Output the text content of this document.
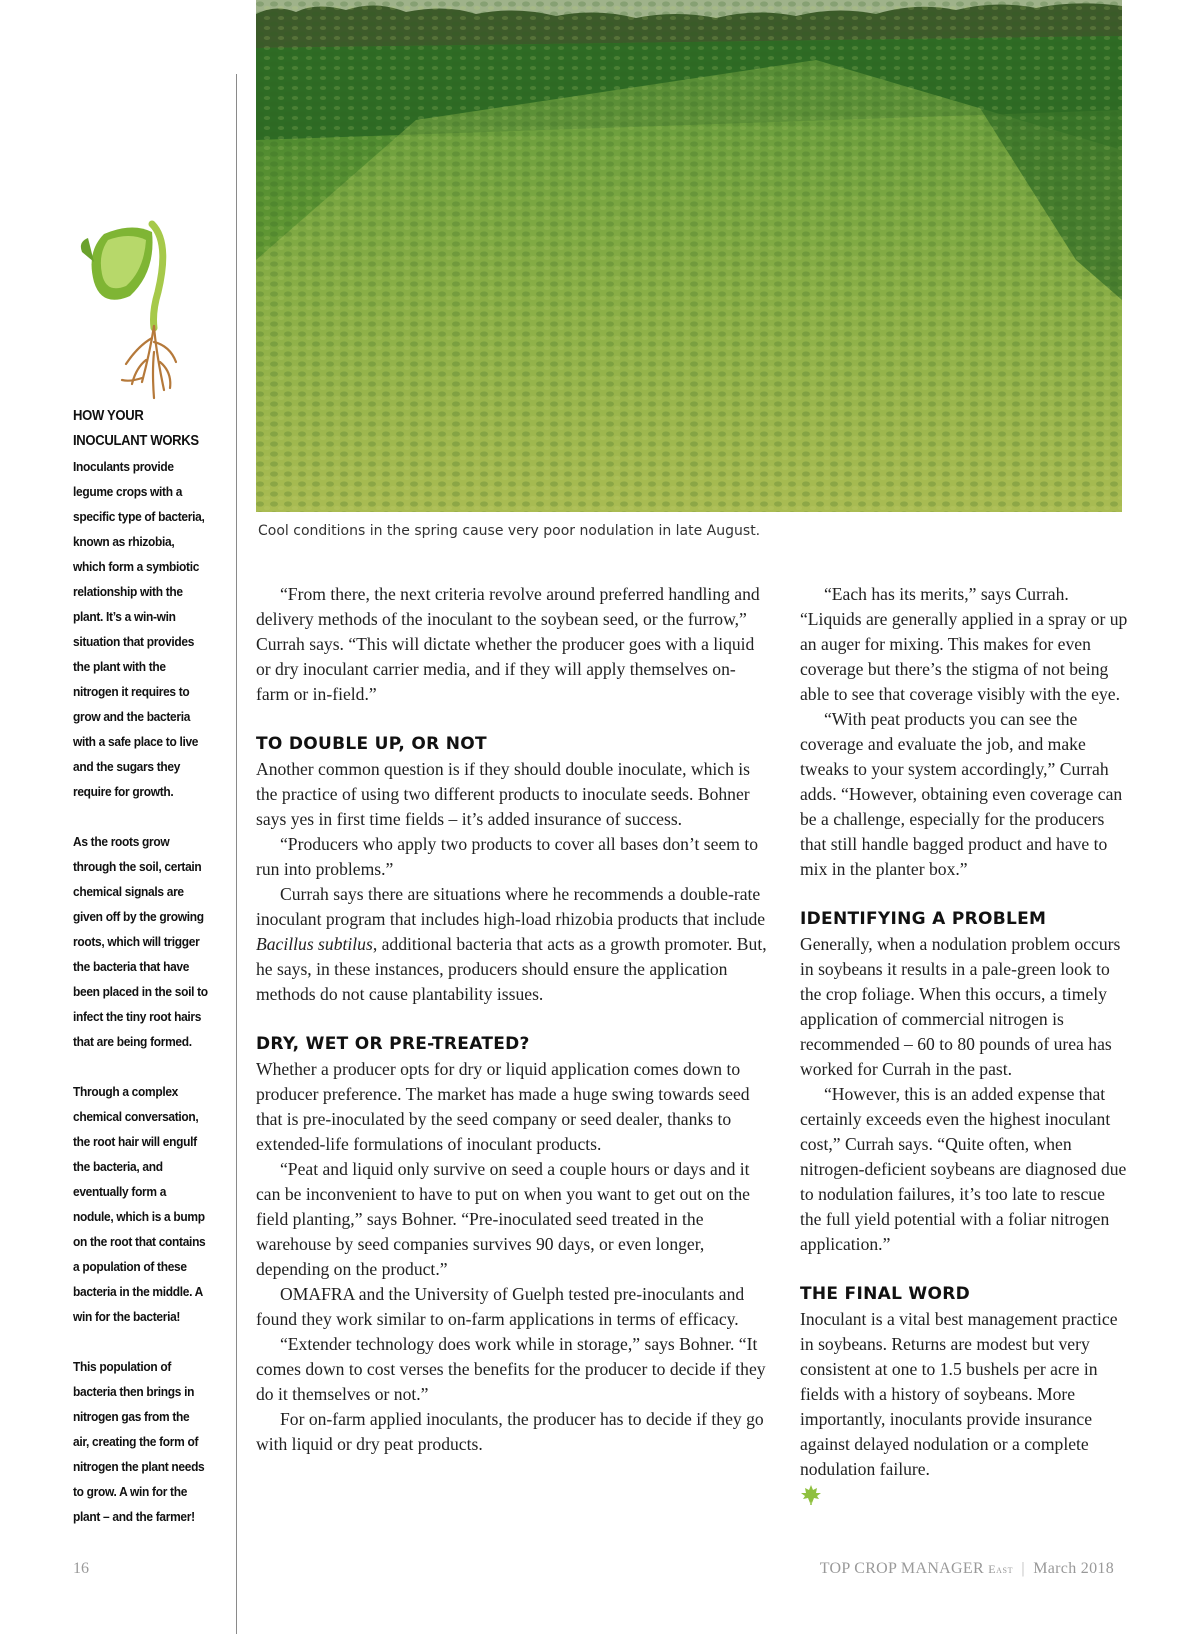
Cool conditions in the spring cause very poor nodulation in late August.
HOW YOUR INOCULANT WORKS

Inoculants provide legume crops with a specific type of bacteria, known as rhizobia, which form a symbiotic relationship with the plant. It’s a win-win situation that provides the plant with the nitrogen it requires to grow and the bacteria with a safe place to live and the sugars they require for growth.

As the roots grow through the soil, certain chemical signals are given off by the growing roots, which will trigger the bacteria that have been placed in the soil to infect the tiny root hairs that are being formed.

Through a complex chemical conversation, the root hair will engulf the bacteria, and eventually form a nodule, which is a bump on the root that contains a population of these bacteria in the middle. A win for the bacteria!

This population of bacteria then brings in nitrogen gas from the air, creating the form of nitrogen the plant needs to grow. A win for the plant – and the farmer!

“From there, the next criteria revolve around preferred handling and delivery methods of the inoculant to the soybean seed, or the furrow,” Currah says. “This will dictate whether the producer goes with a liquid or dry inoculant carrier media, and if they will apply themselves on-farm or in-field.”

TO DOUBLE UP, OR NOT

Another common question is if they should double inoculate, which is the practice of using two different products to inoculate seeds. Bohner says yes in first time fields – it’s added insurance of success.

“Producers who apply two products to cover all bases don’t seem to run into problems.”

Currah says there are situations where he recommends a double-rate inoculant program that includes high-load rhizobia products that include Bacillus subtilus, additional bacteria that acts as a growth promoter. But, he says, in these instances, producers should ensure the application methods do not cause plantability issues.

DRY, WET OR PRE-TREATED?

Whether a producer opts for dry or liquid application comes down to producer preference. The market has made a huge swing towards seed that is pre-inoculated by the seed company or seed dealer, thanks to extended-life formulations of inoculant products.

“Peat and liquid only survive on seed a couple hours or days and it can be inconvenient to have to put on when you want to get out on the field planting,” says Bohner. “Pre-inoculated seed treated in the warehouse by seed companies survives 90 days, or even longer, depending on the product.”

OMAFRA and the University of Guelph tested pre-inoculants and found they work similar to on-farm applications in terms of efficacy.

“Extender technology does work while in storage,” says Bohner. “It comes down to cost verses the benefits for the producer to decide if they do it themselves or not.”

For on-farm applied inoculants, the producer has to decide if they go with liquid or dry peat products.

“Each has its merits,” says Currah. “Liquids are generally applied in a spray or up an auger for mixing. This makes for even coverage but there’s the stigma of not being able to see that coverage visibly with the eye.

“With peat products you can see the coverage and evaluate the job, and make tweaks to your system accordingly,” Currah adds. “However, obtaining even coverage can be a challenge, especially for the producers that still handle bagged product and have to mix in the planter box.”

IDENTIFYING A PROBLEM

Generally, when a nodulation problem occurs in soybeans it results in a pale-green look to the crop foliage. When this occurs, a timely application of commercial nitrogen is recommended – 60 to 80 pounds of urea has worked for Currah in the past.

“However, this is an added expense that certainly exceeds even the highest inoculant cost,” Currah says. “Quite often, when nitrogen-deficient soybeans are diagnosed due to nodulation failures, it’s too late to rescue the full yield potential with a foliar nitrogen application.”

THE FINAL WORD

Inoculant is a vital best management practice in soybeans. Returns are modest but very consistent at one to 1.5 bushels per acre in fields with a history of soybeans. More importantly, inoculants provide insurance against delayed nodulation or a complete nodulation failure.

16	TOP CROP MANAGER East | March 2018
